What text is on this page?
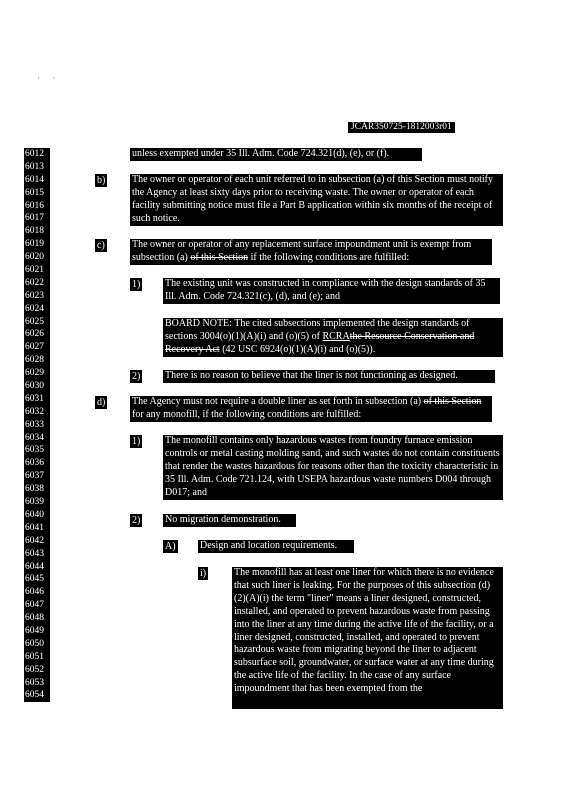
'        '
JCAR350725-1812003r01
6012
6013
6014
6015
6016
6017
6018
6019
6020
6021
6022
6023
6024
6025
6026
6027
6028
6029
6030
6031
6032
6033
6034
6035
6036
6037
6038
6039
6040
6041
6042
6043
6044
6045
6046
6047
6048
6049
6050
6051
6052
6053
6054
unless exempted under 35 Ill. Adm. Code 724.321(d), (e), or (f).
b)	The owner or operator of each unit referred to in subsection (a) of this Section must notify the Agency at least sixty days prior to receiving waste. The owner or operator of each facility submitting notice must file a Part B application within six months of the receipt of such notice.
c)	The owner or operator of any replacement surface impoundment unit is exempt from subsection (a) of this Section if the following conditions are fulfilled:
1) The existing unit was constructed in compliance with the design standards of 35 Ill. Adm. Code 724.321(c), (d), and (e); and
BOARD NOTE: The cited subsections implemented the design standards of sections 3004(o)(1)(A)(i) and (o)(5) of RCRAthe Resource Conservation and Recovery Act (42 USC 6924(o)(1)(A)(i) and (o)(5)).
2) There is no reason to believe that the liner is not functioning as designed.
d)	The Agency must not require a double liner as set forth in subsection (a) of this Section for any monofill, if the following conditions are fulfilled:
1) The monofill contains only hazardous wastes from foundry furnace emission controls or metal casting molding sand, and such wastes do not contain constituents that render the wastes hazardous for reasons other than the toxicity characteristic in 35 Ill. Adm. Code 721.124, with USEPA hazardous waste numbers D004 through D017; and
2) No migration demonstration.
A) Design and location requirements.
i)	The monofill has at least one liner for which there is no evidence that such liner is leaking. For the purposes of this subsection (d)(2)(A)(i) the term "liner" means a liner designed, constructed, installed, and operated to prevent hazardous waste from passing into the liner at any time during the active life of the facility, or a liner designed, constructed, installed, and operated to prevent hazardous waste from migrating beyond the liner to adjacent subsurface soil, groundwater, or surface water at any time during the active life of the facility. In the case of any surface impoundment that has been exempted from the
